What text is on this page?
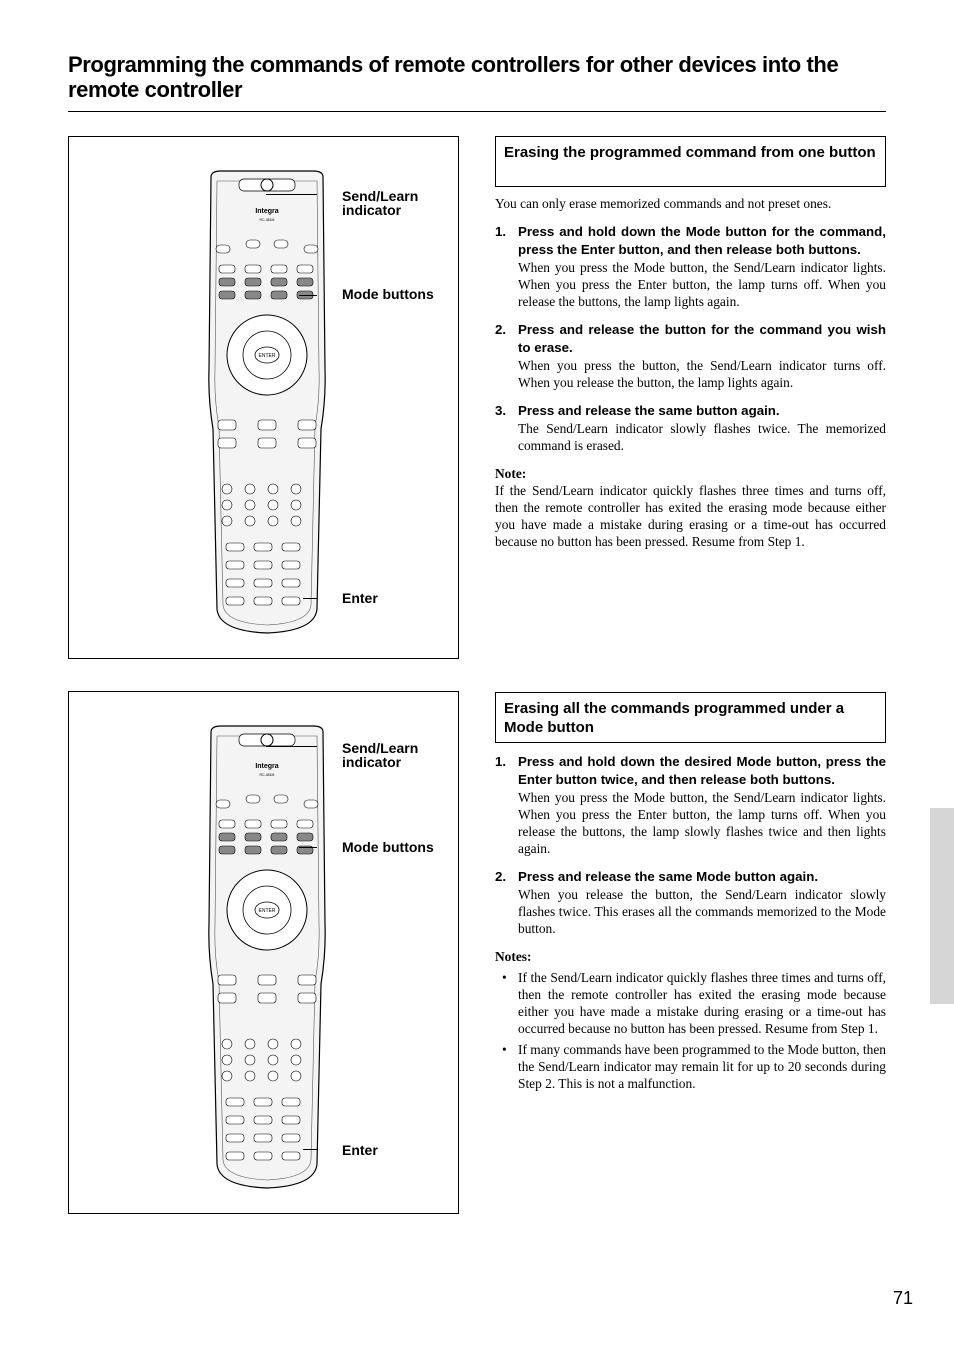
Programming the commands of remote controllers for other devices into the remote controller
Integra
RC-481M
ENTER
Send/Learn indicator
Mode buttons
Enter
Integra
RC-481M
ENTER
Send/Learn indicator
Mode buttons
Enter
Erasing the programmed command from one button

You can only erase memorized commands and not preset ones.

1. Press and hold down the Mode button for the command, press the Enter button, and then release both buttons.

When you press the Mode button, the Send/Learn indicator lights. When you press the Enter button, the lamp turns off. When you release the buttons, the lamp lights again.

2. Press and release the button for the command you wish to erase.

When you press the button, the Send/Learn indicator turns off. When you release the button, the lamp lights again.

3. Press and release the same button again.

The Send/Learn indicator slowly flashes twice. The memorized command is erased.

Note:

If the Send/Learn indicator quickly flashes three times and turns off, then the remote controller has exited the erasing mode because either you have made a mistake during erasing or a time-out has occurred because no button has been pressed. Resume from Step 1.

Erasing all the commands programmed under a Mode button
1. Press and hold down the desired Mode button, press the Enter button twice, and then release both buttons.

When you press the Mode button, the Send/Learn indicator lights. When you press the Enter button, the lamp turns off. When you release the buttons, the lamp slowly flashes twice and then lights again.

2. Press and release the same Mode button again.

When you release the button, the Send/Learn indicator slowly flashes twice. This erases all the commands memorized to the Mode button.

Notes:

• If the Send/Learn indicator quickly flashes three times and turns off, then the remote controller has exited the erasing mode because either you have made a mistake during erasing or a time-out has occurred because no button has been pressed. Resume from Step 1.
• If many commands have been programmed to the Mode button, then the Send/Learn indicator may remain lit for up to 20 seconds during Step 2. This is not a malfunction.
71
